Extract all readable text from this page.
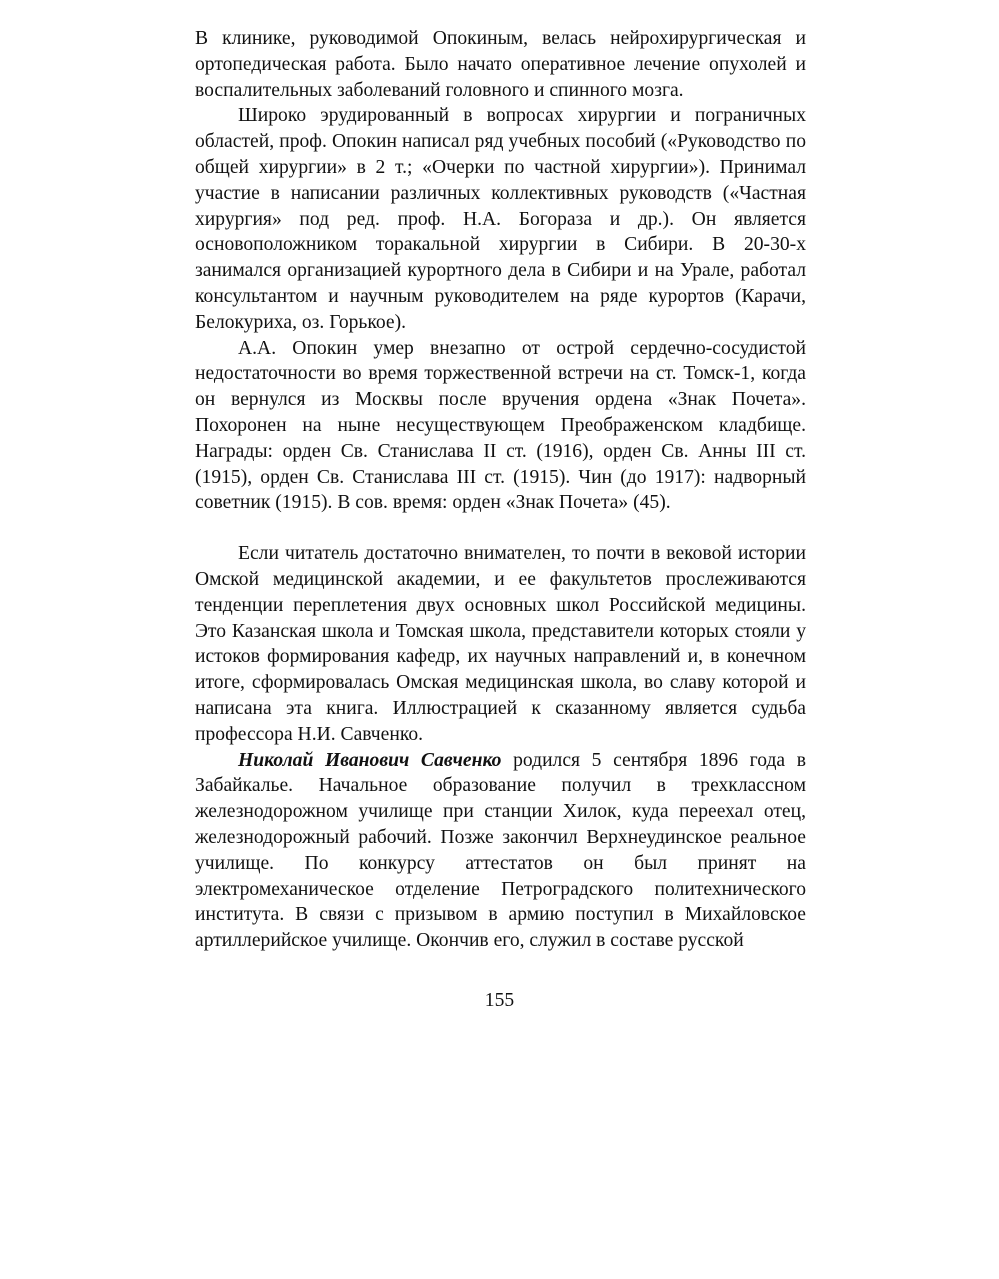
В клинике, руководимой Опокиным, велась нейрохирургическая и ортопедическая работа. Было начато оперативное лечение опухолей и воспалительных заболеваний головного и спинного мозга.

Широко эрудированный в вопросах хирургии и пограничных областей, проф. Опокин написал ряд учебных пособий («Руководство по общей хирургии» в 2 т.; «Очерки по частной хирургии»). Принимал участие в написании различных коллективных руководств («Частная хирургия» под ред. проф. Н.А. Богораза и др.). Он является основоположником торакальной хирургии в Сибири. В 20-30-х занимался организацией курортного дела в Сибири и на Урале, работал консультантом и научным руководителем на ряде курортов (Карачи, Белокуриха, оз. Горькое).

А.А. Опокин умер внезапно от острой сердечно-сосудистой недостаточности во время торжественной встречи на ст. Томск-1, когда он вернулся из Москвы после вручения ордена «Знак Почета». Похоронен на ныне несуществующем Преображенском кладбище. Награды: орден Св. Станислава II ст. (1916), орден Св. Анны III ст. (1915), орден Св. Станислава III ст. (1915). Чин (до 1917): надворный советник (1915). В сов. время: орден «Знак Почета» (45).

Если читатель достаточно внимателен, то почти в вековой истории Омской медицинской академии, и ее факультетов прослеживаются тенденции переплетения двух основных школ Российской медицины. Это Казанская школа и Томская школа, представители которых стояли у истоков формирования кафедр, их научных направлений и, в конечном итоге, сформировалась Омская медицинская школа, во славу которой и написана эта книга. Иллюстрацией к сказанному является судьба профессора Н.И. Савченко.

Николай Иванович Савченко родился 5 сентября 1896 года в Забайкалье. Начальное образование получил в трехклассном железнодорожном училище при станции Хилок, куда переехал отец, железнодорожный рабочий. Позже закончил Верхнеудинское реальное училище. По конкурсу аттестатов он был принят на электромеханическое отделение Петроградского политехнического института. В связи с призывом в армию поступил в Михайловское артиллерийское училище. Окончив его, служил в составе русской

155
